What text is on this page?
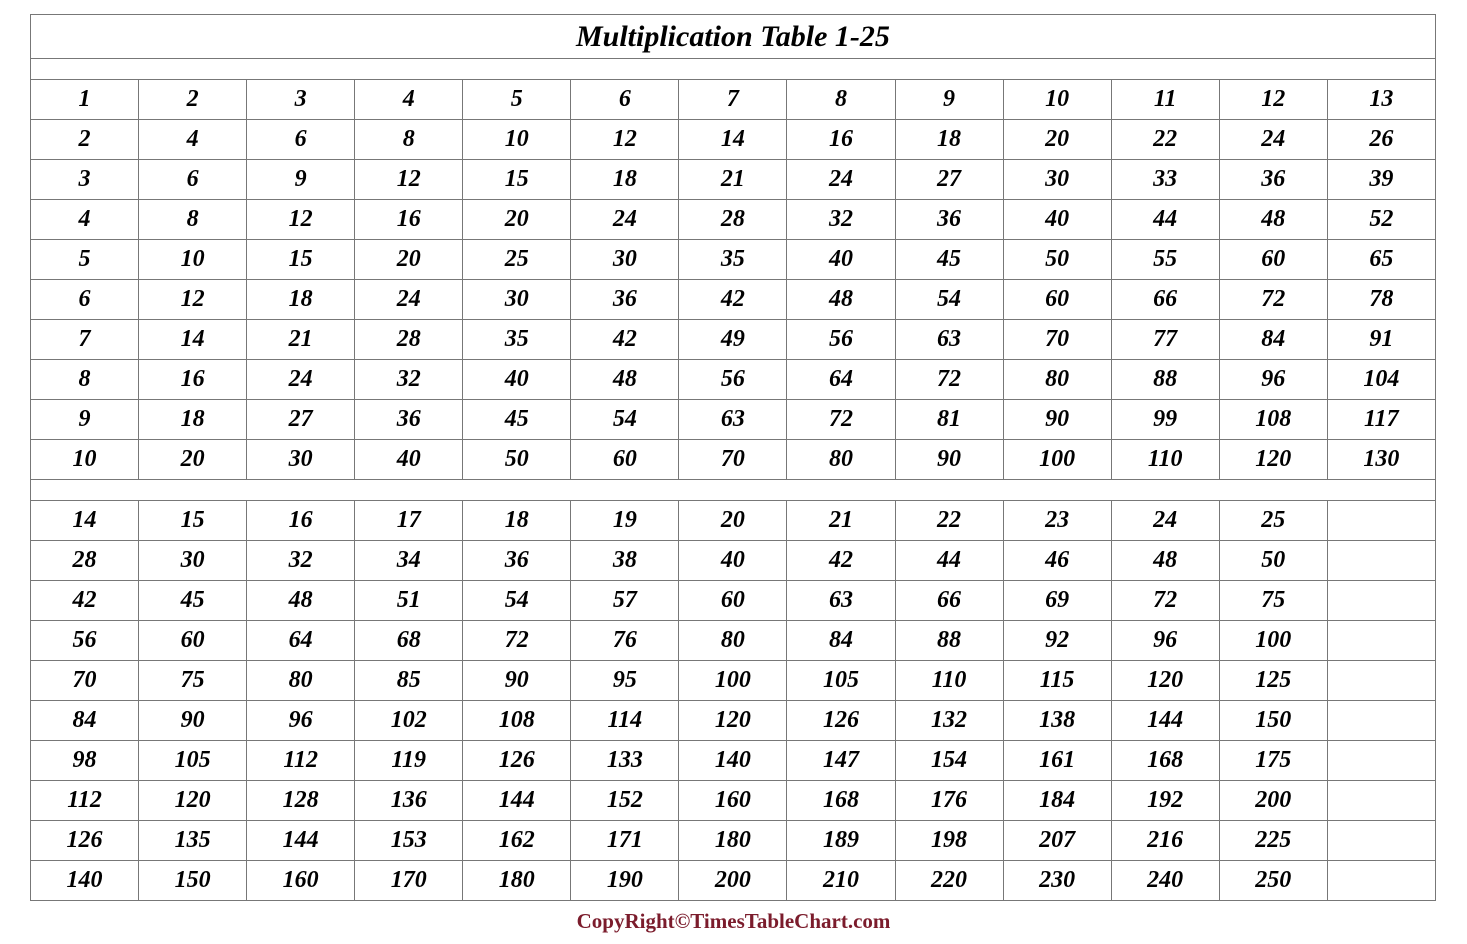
Multiplication Table 1-25												

1	2	3	4	5	6	7	8	9	10	11	12	13
2	4	6	8	10	12	14	16	18	20	22	24	26
3	6	9	12	15	18	21	24	27	30	33	36	39
4	8	12	16	20	24	28	32	36	40	44	48	52
5	10	15	20	25	30	35	40	45	50	55	60	65
6	12	18	24	30	36	42	48	54	60	66	72	78
7	14	21	28	35	42	49	56	63	70	77	84	91
8	16	24	32	40	48	56	64	72	80	88	96	104
9	18	27	36	45	54	63	72	81	90	99	108	117
10	20	30	40	50	60	70	80	90	100	110	120	130

14	15	16	17	18	19	20	21	22	23	24	25	
28	30	32	34	36	38	40	42	44	46	48	50	
42	45	48	51	54	57	60	63	66	69	72	75	
56	60	64	68	72	76	80	84	88	92	96	100	
70	75	80	85	90	95	100	105	110	115	120	125	
84	90	96	102	108	114	120	126	132	138	144	150	
98	105	112	119	126	133	140	147	154	161	168	175	
112	120	128	136	144	152	160	168	176	184	192	200	
126	135	144	153	162	171	180	189	198	207	216	225	
140	150	160	170	180	190	200	210	220	230	240	250	
CopyRight©TimesTableChart.com
